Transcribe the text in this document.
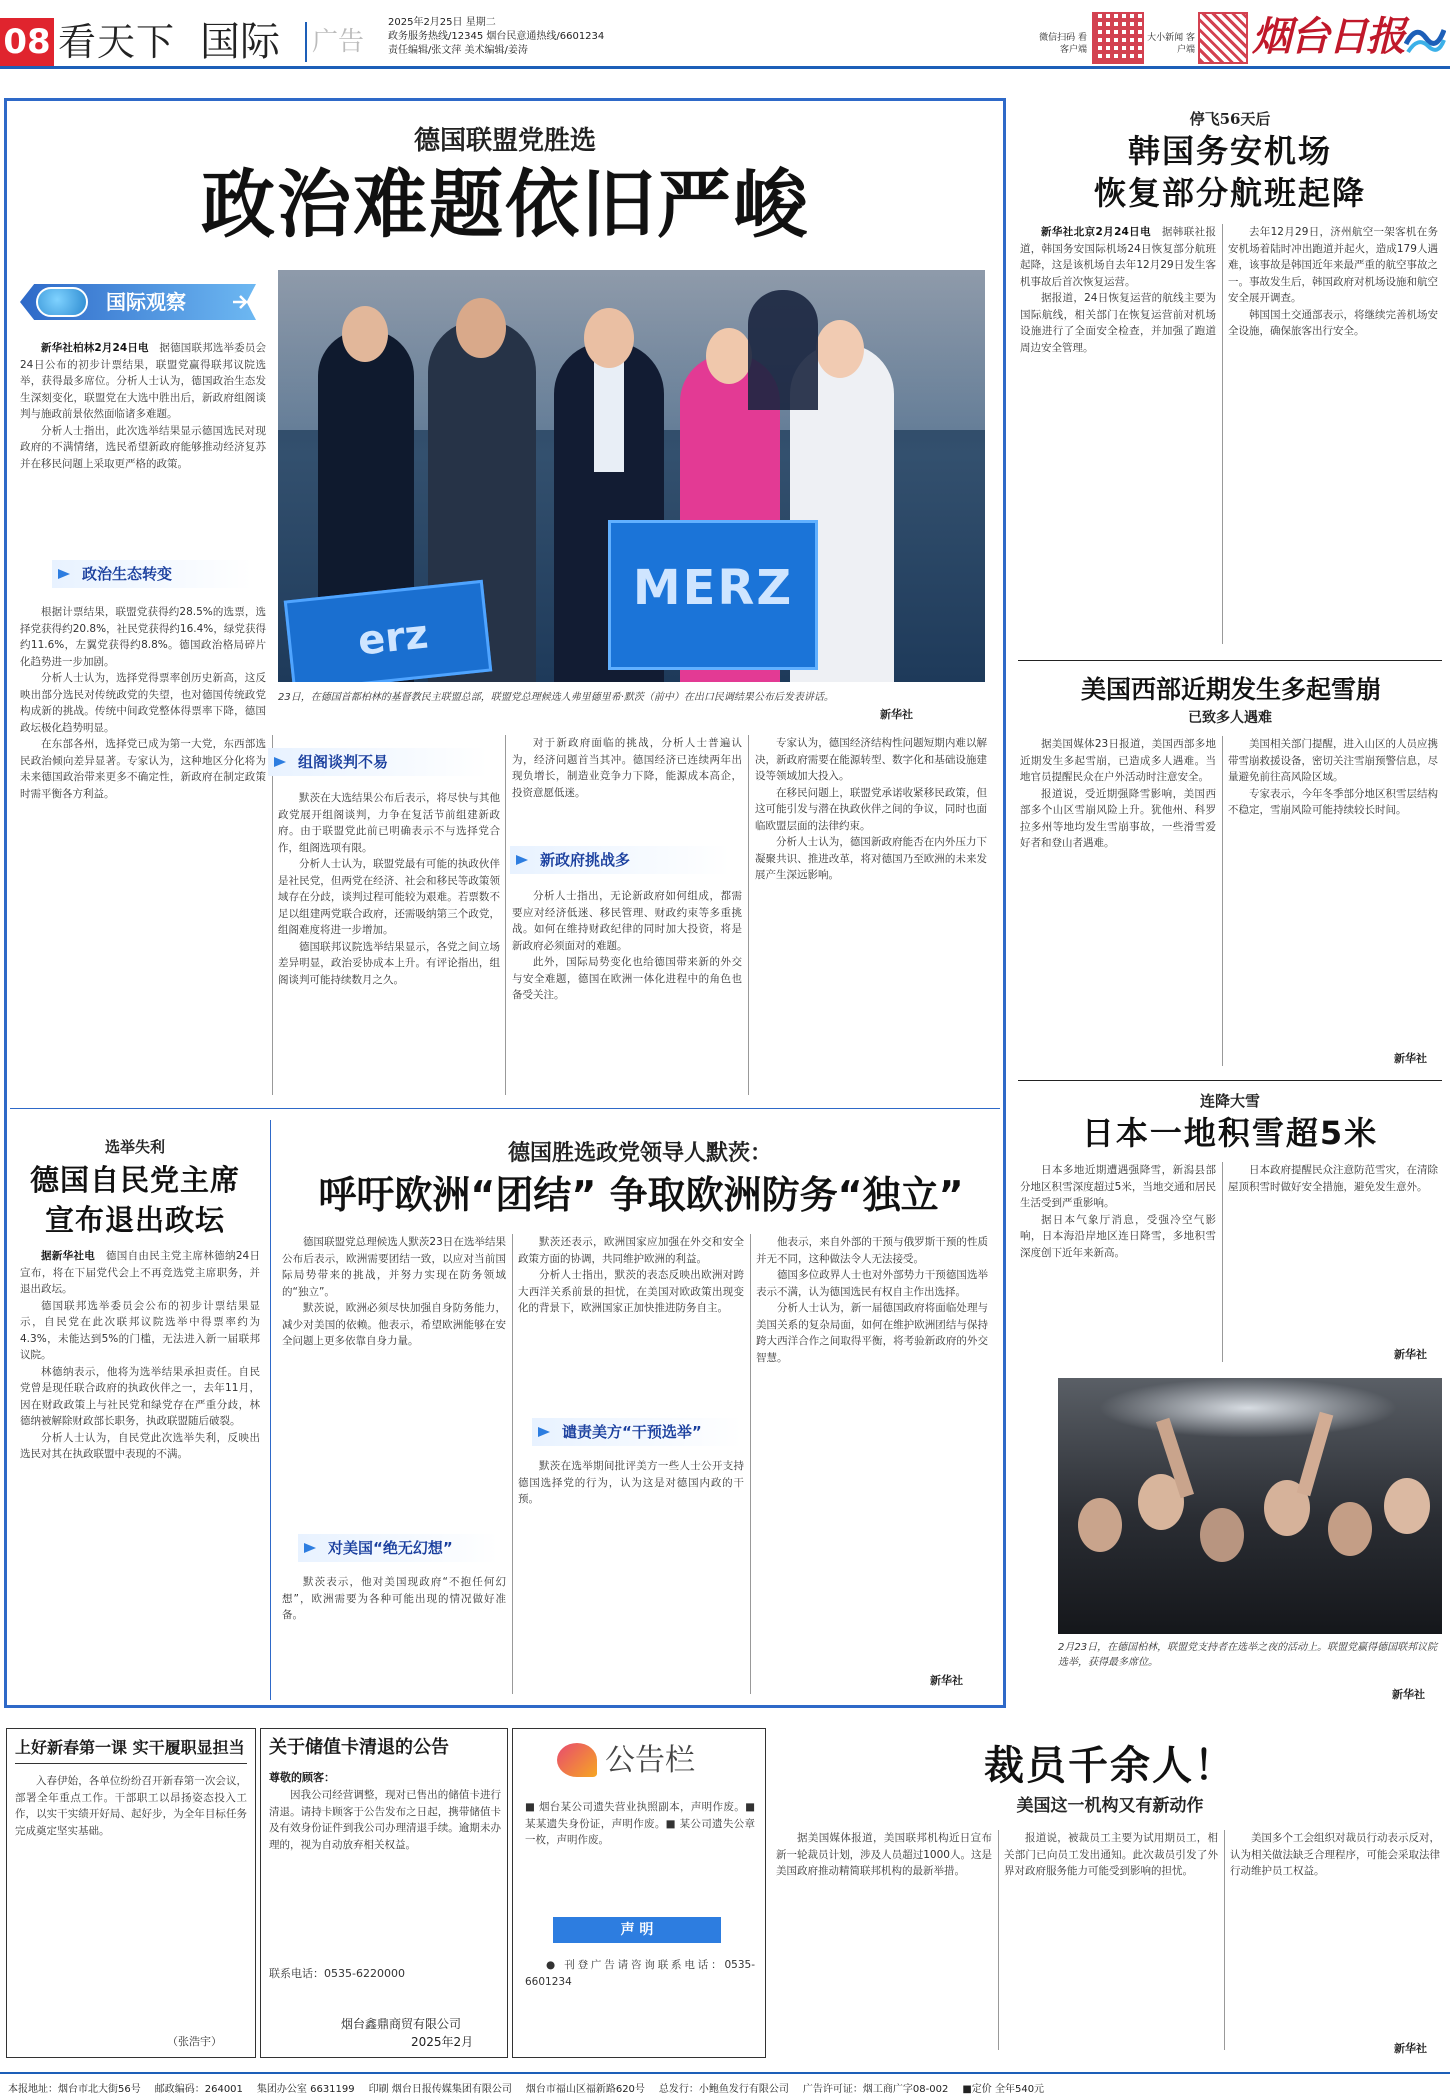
08 看天下 国际 广告
2025年2月25日 星期二
政务服务热线/12345 烟台民意通热线/6601234
责任编辑/张文萍 美术编辑/姜涛
微信扫码 看客户端
大小新闻 客户端 烟台日报
德国联盟党胜选
政治难题依旧严峻
国际观察
MERZ
erz
23日，在德国首都柏林的基督教民主联盟总部，联盟党总理候选人弗里德里希·默茨（前中）在出口民调结果公布后发表讲话。
新华社

新华社柏林2月24日电　 据德国联邦选举委员会24日公布的初步计票结果，联盟党赢得联邦议院选举，获得最多席位。分析人士认为，德国政治生态发生深刻变化，联盟党在大选中胜出后，新政府组阁谈判与施政前景依然面临诸多难题。

分析人士指出，此次选举结果显示德国选民对现政府的不满情绪，选民希望新政府能够推动经济复苏并在移民问题上采取更严格的政策。

政治生态转变

根据计票结果，联盟党获得约28.5%的选票，选择党获得约20.8%，社民党获得约16.4%，绿党获得约11.6%，左翼党获得约8.8%。德国政治格局碎片化趋势进一步加剧。

分析人士认为，选择党得票率创历史新高，这反映出部分选民对传统政党的失望，也对德国传统政党构成新的挑战。传统中间政党整体得票率下降，德国政坛极化趋势明显。

在东部各州，选择党已成为第一大党，东西部选民政治倾向差异显著。专家认为，这种地区分化将为未来德国政治带来更多不确定性，新政府在制定政策时需平衡各方利益。

组阁谈判不易

默茨在大选结果公布后表示，将尽快与其他政党展开组阁谈判，力争在复活节前组建新政府。由于联盟党此前已明确表示不与选择党合作，组阁选项有限。

分析人士认为，联盟党最有可能的执政伙伴是社民党，但两党在经济、社会和移民等政策领域存在分歧，谈判过程可能较为艰难。若票数不足以组建两党联合政府，还需吸纳第三个政党，组阁难度将进一步增加。

德国联邦议院选举结果显示，各党之间立场差异明显，政治妥协成本上升。有评论指出，组阁谈判可能持续数月之久。

对于新政府面临的挑战，分析人士普遍认为，经济问题首当其冲。德国经济已连续两年出现负增长，制造业竞争力下降，能源成本高企，投资意愿低迷。

新政府挑战多

分析人士指出，无论新政府如何组成，都需要应对经济低迷、移民管理、财政约束等多重挑战。如何在维持财政纪律的同时加大投资，将是新政府必须面对的难题。

此外，国际局势变化也给德国带来新的外交与安全难题，德国在欧洲一体化进程中的角色也备受关注。

专家认为，德国经济结构性问题短期内难以解决，新政府需要在能源转型、数字化和基础设施建设等领域加大投入。

在移民问题上，联盟党承诺收紧移民政策，但这可能引发与潜在执政伙伴之间的争议，同时也面临欧盟层面的法律约束。

分析人士认为，德国新政府能否在内外压力下凝聚共识、推进改革，将对德国乃至欧洲的未来发展产生深远影响。

选举失利
德国自民党主席
宣布退出政坛

据新华社电　 德国自由民主党主席林德纳24日宣布，将在下届党代会上不再竞选党主席职务，并退出政坛。

德国联邦选举委员会公布的初步计票结果显示，自民党在此次联邦议院选举中得票率约为4.3%，未能达到5%的门槛，无法进入新一届联邦议院。

林德纳表示，他将为选举结果承担责任。自民党曾是现任联合政府的执政伙伴之一，去年11月，因在财政政策上与社民党和绿党存在严重分歧，林德纳被解除财政部长职务，执政联盟随后破裂。

分析人士认为，自民党此次选举失利，反映出选民对其在执政联盟中表现的不满。

德国胜选政党领导人默茨：
呼吁欧洲“团结” 争取欧洲防务“独立”

德国联盟党总理候选人默茨23日在选举结果公布后表示，欧洲需要团结一致，以应对当前国际局势带来的挑战，并努力实现在防务领域的“独立”。

默茨说，欧洲必须尽快加强自身防务能力，减少对美国的依赖。他表示，希望欧洲能够在安全问题上更多依靠自身力量。

对美国“绝无幻想”

默茨表示，他对美国现政府“不抱任何幻想”，欧洲需要为各种可能出现的情况做好准备。

默茨还表示，欧洲国家应加强在外交和安全政策方面的协调，共同维护欧洲的利益。

分析人士指出，默茨的表态反映出欧洲对跨大西洋关系前景的担忧，在美国对欧政策出现变化的背景下，欧洲国家正加快推进防务自主。

谴责美方“干预选举”

默茨在选举期间批评美方一些人士公开支持德国选择党的行为，认为这是对德国内政的干预。

他表示，来自外部的干预与俄罗斯干预的性质并无不同，这种做法令人无法接受。

德国多位政界人士也对外部势力干预德国选举表示不满，认为德国选民有权自主作出选择。

分析人士认为，新一届德国政府将面临处理与美国关系的复杂局面，如何在维护欧洲团结与保持跨大西洋合作之间取得平衡，将考验新政府的外交智慧。

新华社
停飞56天后
韩国务安机场
恢复部分航班起降

新华社北京2月24日电　 据韩联社报道，韩国务安国际机场24日恢复部分航班起降，这是该机场自去年12月29日发生客机事故后首次恢复运营。

据报道，24日恢复运营的航线主要为国际航线，相关部门在恢复运营前对机场设施进行了全面安全检查，并加强了跑道周边安全管理。

去年12月29日，济州航空一架客机在务安机场着陆时冲出跑道并起火，造成179人遇难，该事故是韩国近年来最严重的航空事故之一。事故发生后，韩国政府对机场设施和航空安全展开调查。

韩国国土交通部表示，将继续完善机场安全设施，确保旅客出行安全。

美国西部近期发生多起雪崩
已致多人遇难

据美国媒体23日报道，美国西部多地近期发生多起雪崩，已造成多人遇难。当地官员提醒民众在户外活动时注意安全。

报道说，受近期强降雪影响，美国西部多个山区雪崩风险上升。犹他州、科罗拉多州等地均发生雪崩事故，一些滑雪爱好者和登山者遇难。

美国相关部门提醒，进入山区的人员应携带雪崩救援设备，密切关注雪崩预警信息，尽量避免前往高风险区域。

专家表示，今年冬季部分地区积雪层结构不稳定，雪崩风险可能持续较长时间。

新华社
连降大雪
日本一地积雪超5米

日本多地近期遭遇强降雪，新潟县部分地区积雪深度超过5米，当地交通和居民生活受到严重影响。

据日本气象厅消息，受强冷空气影响，日本海沿岸地区连日降雪，多地积雪深度创下近年来新高。

日本政府提醒民众注意防范雪灾，在清除屋顶积雪时做好安全措施，避免发生意外。

新华社
2月23日，在德国柏林，联盟党支持者在选举之夜的活动上。联盟党赢得德国联邦议院选举，获得最多席位。
新华社
上好新春第一课 实干履职显担当
入春伊始，各单位纷纷召开新春第一次会议，部署全年重点工作。干部职工以昂扬姿态投入工作，以实干实绩开好局、起好步，为全年目标任务完成奠定坚实基础。
（张浩宇）
关于储值卡清退的公告
尊敬的顾客：
因我公司经营调整，现对已售出的储值卡进行清退。请持卡顾客于公告发布之日起，携带储值卡及有效身份证件到我公司办理清退手续。逾期未办理的，视为自动放弃相关权益。
联系电话：0535-6220000
烟台鑫鼎商贸有限公司
2025年2月
公告栏
■ 烟台某公司遗失营业执照副本，声明作废。■ 某某遗失身份证，声明作废。■ 某公司遗失公章一枚，声明作废。
声 明
● 刊登广告请咨询联系电话：0535-6601234
裁员千余人！
美国这一机构又有新动作

据美国媒体报道，美国联邦机构近日宣布新一轮裁员计划，涉及人员超过1000人。这是美国政府推动精简联邦机构的最新举措。

报道说，被裁员工主要为试用期员工，相关部门已向员工发出通知。此次裁员引发了外界对政府服务能力可能受到影响的担忧。

美国多个工会组织对裁员行动表示反对，认为相关做法缺乏合理程序，可能会采取法律行动维护员工权益。

新华社
本报地址：烟台市北大街56号 邮政编码：264001 集团办公室 6631199 印刷 烟台日报传媒集团有限公司 烟台市福山区福新路620号 总发行：小鲍鱼发行有限公司 广告许可证：烟工商广字08-002 ■定价 全年540元
